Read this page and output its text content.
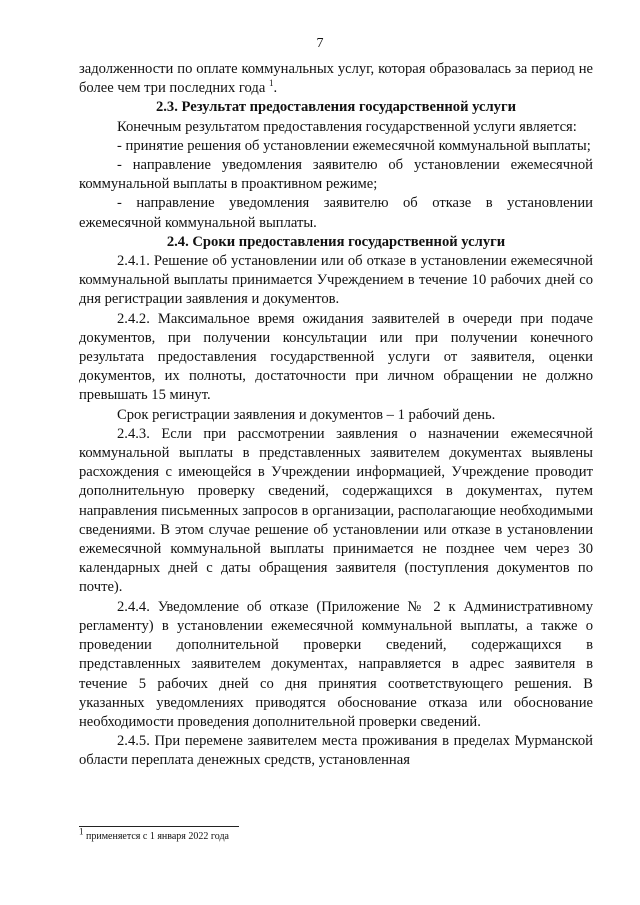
7

задолженности по оплате коммунальных услуг, которая образовалась за период не более чем три последних года $^1$.

2.3. Результат предоставления государственной услуги

Конечным результатом предоставления государственной услуги является:

- принятие решения об установлении ежемесячной коммунальной выплаты;

- направление уведомления заявителю об установлении ежемесячной коммунальной выплаты в проактивном режиме;

- направление уведомления заявителю об отказе в установлении ежемесячной коммунальной выплаты.

2.4. Сроки предоставления государственной услуги

2.4.1. Решение об установлении или об отказе в установлении ежемесячной коммунальной выплаты принимается Учреждением в течение 10 рабочих дней со дня регистрации заявления и документов.

2.4.2. Максимальное время ожидания заявителей в очереди при подаче документов, при получении консультации или при получении конечного результата предоставления государственной услуги от заявителя, оценки документов, их полноты, достаточности при личном обращении не должно превышать 15 минут.

Срок регистрации заявления и документов – 1 рабочий день.

2.4.3. Если при рассмотрении заявления о назначении ежемесячной коммунальной выплаты в представленных заявителем документах выявлены расхождения с имеющейся в Учреждении информацией, Учреждение проводит дополнительную проверку сведений, содержащихся в документах, путем направления письменных запросов в организации, располагающие необходимыми сведениями. В этом случае решение об установлении или отказе в установлении ежемесячной коммунальной выплаты принимается не позднее чем через 30 календарных дней с даты обращения заявителя (поступления документов по почте).

2.4.4. Уведомление об отказе (Приложение № 2 к Административному регламенту) в установлении ежемесячной коммунальной выплаты, а также о проведении дополнительной проверки сведений, содержащихся в представленных заявителем документах, направляется в адрес заявителя в течение 5 рабочих дней со дня принятия соответствующего решения. В указанных уведомлениях приводятся обоснование отказа или обоснование необходимости проведения дополнительной проверки сведений.

2.4.5. При перемене заявителем места проживания в пределах Мурманской области переплата денежных средств, установленная

$^1$ применяется с 1 января 2022 года
